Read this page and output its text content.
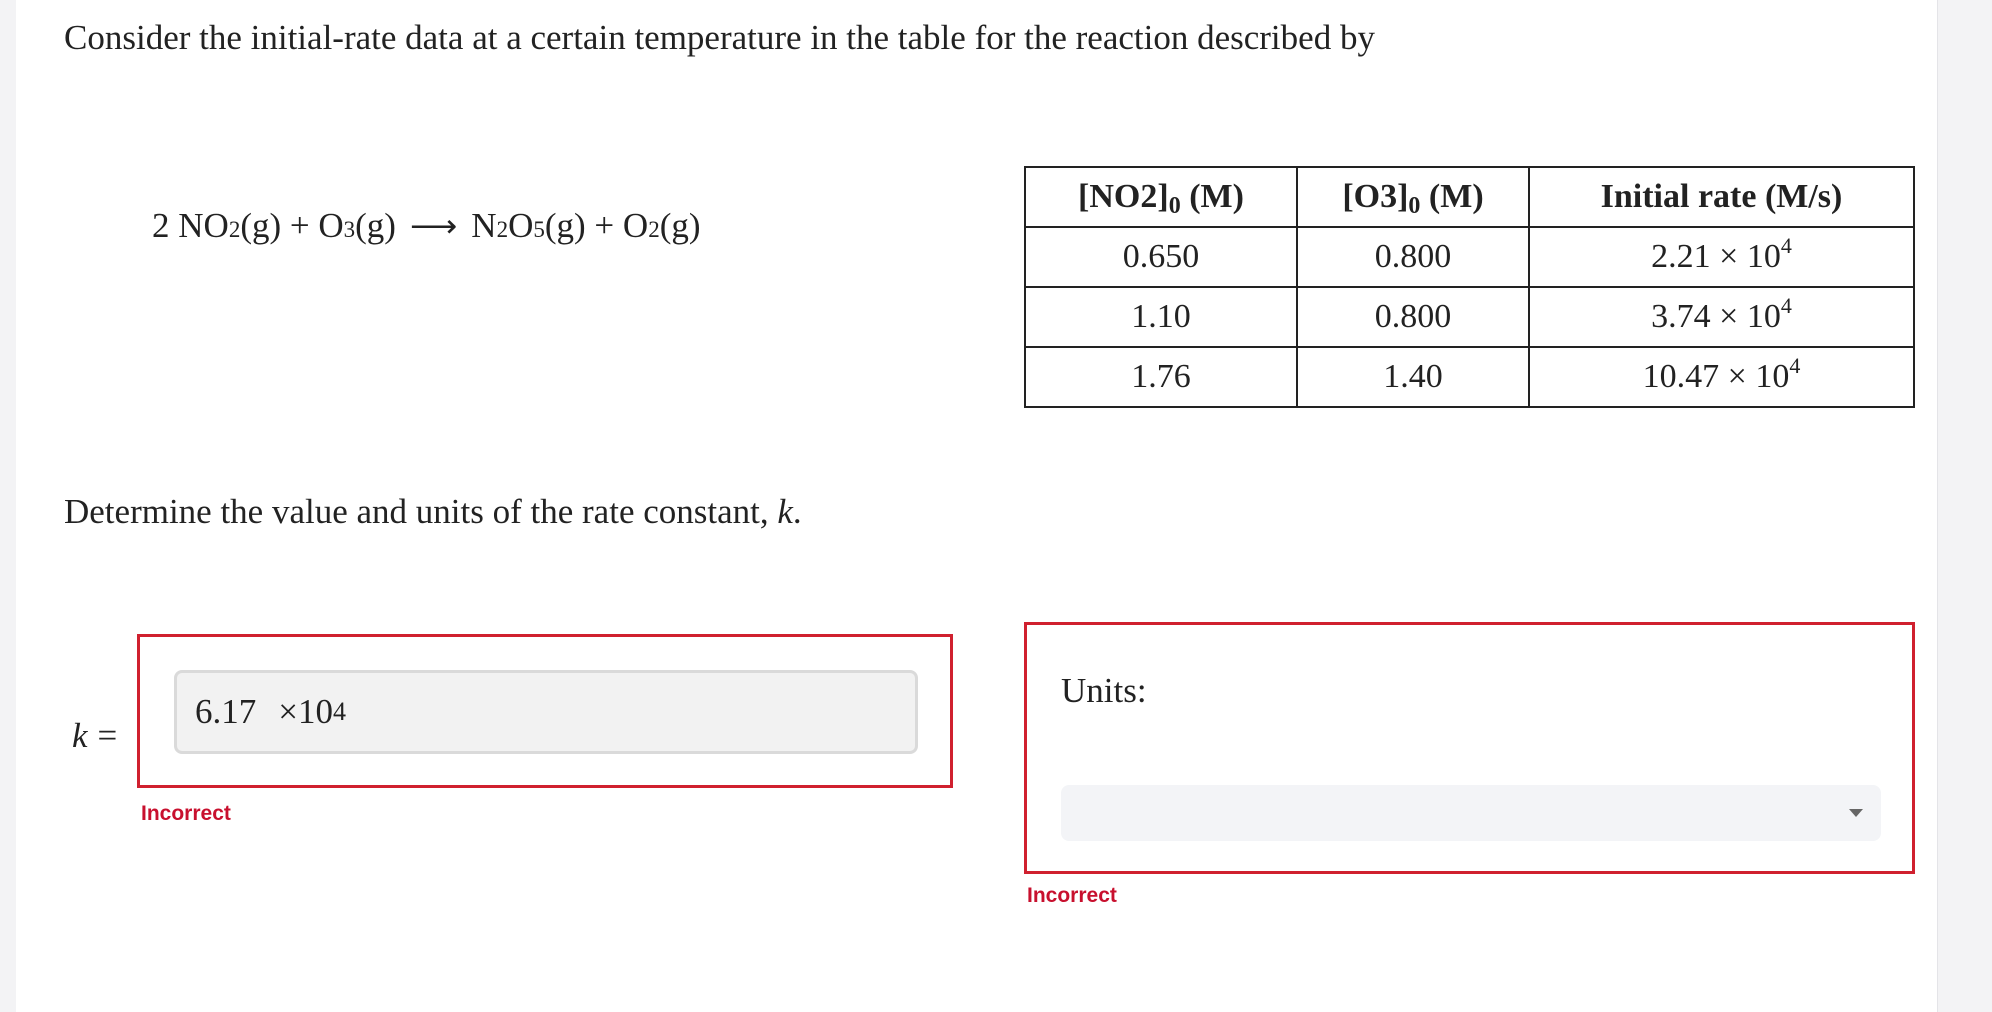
Consider the initial-rate data at a certain temperature in the table for the reaction described by
2
NO 2 (g)
+
O 3 (g) ⟶ N 2 O 5 (g)
+
O 2 (g)
$[NO2]_0$ (M)	$[O3]_0$ (M)	Initial rate (M/s)
0.650	0.800	$2.21 \times 10^4$
1.10	0.800	$3.74 \times 10^4$
1.76	1.40	$10.47 \times 10^4$
Determine the value and units of the rate constant, k.
k =
6.17 ×10 4
Incorrect
Units:
Incorrect
